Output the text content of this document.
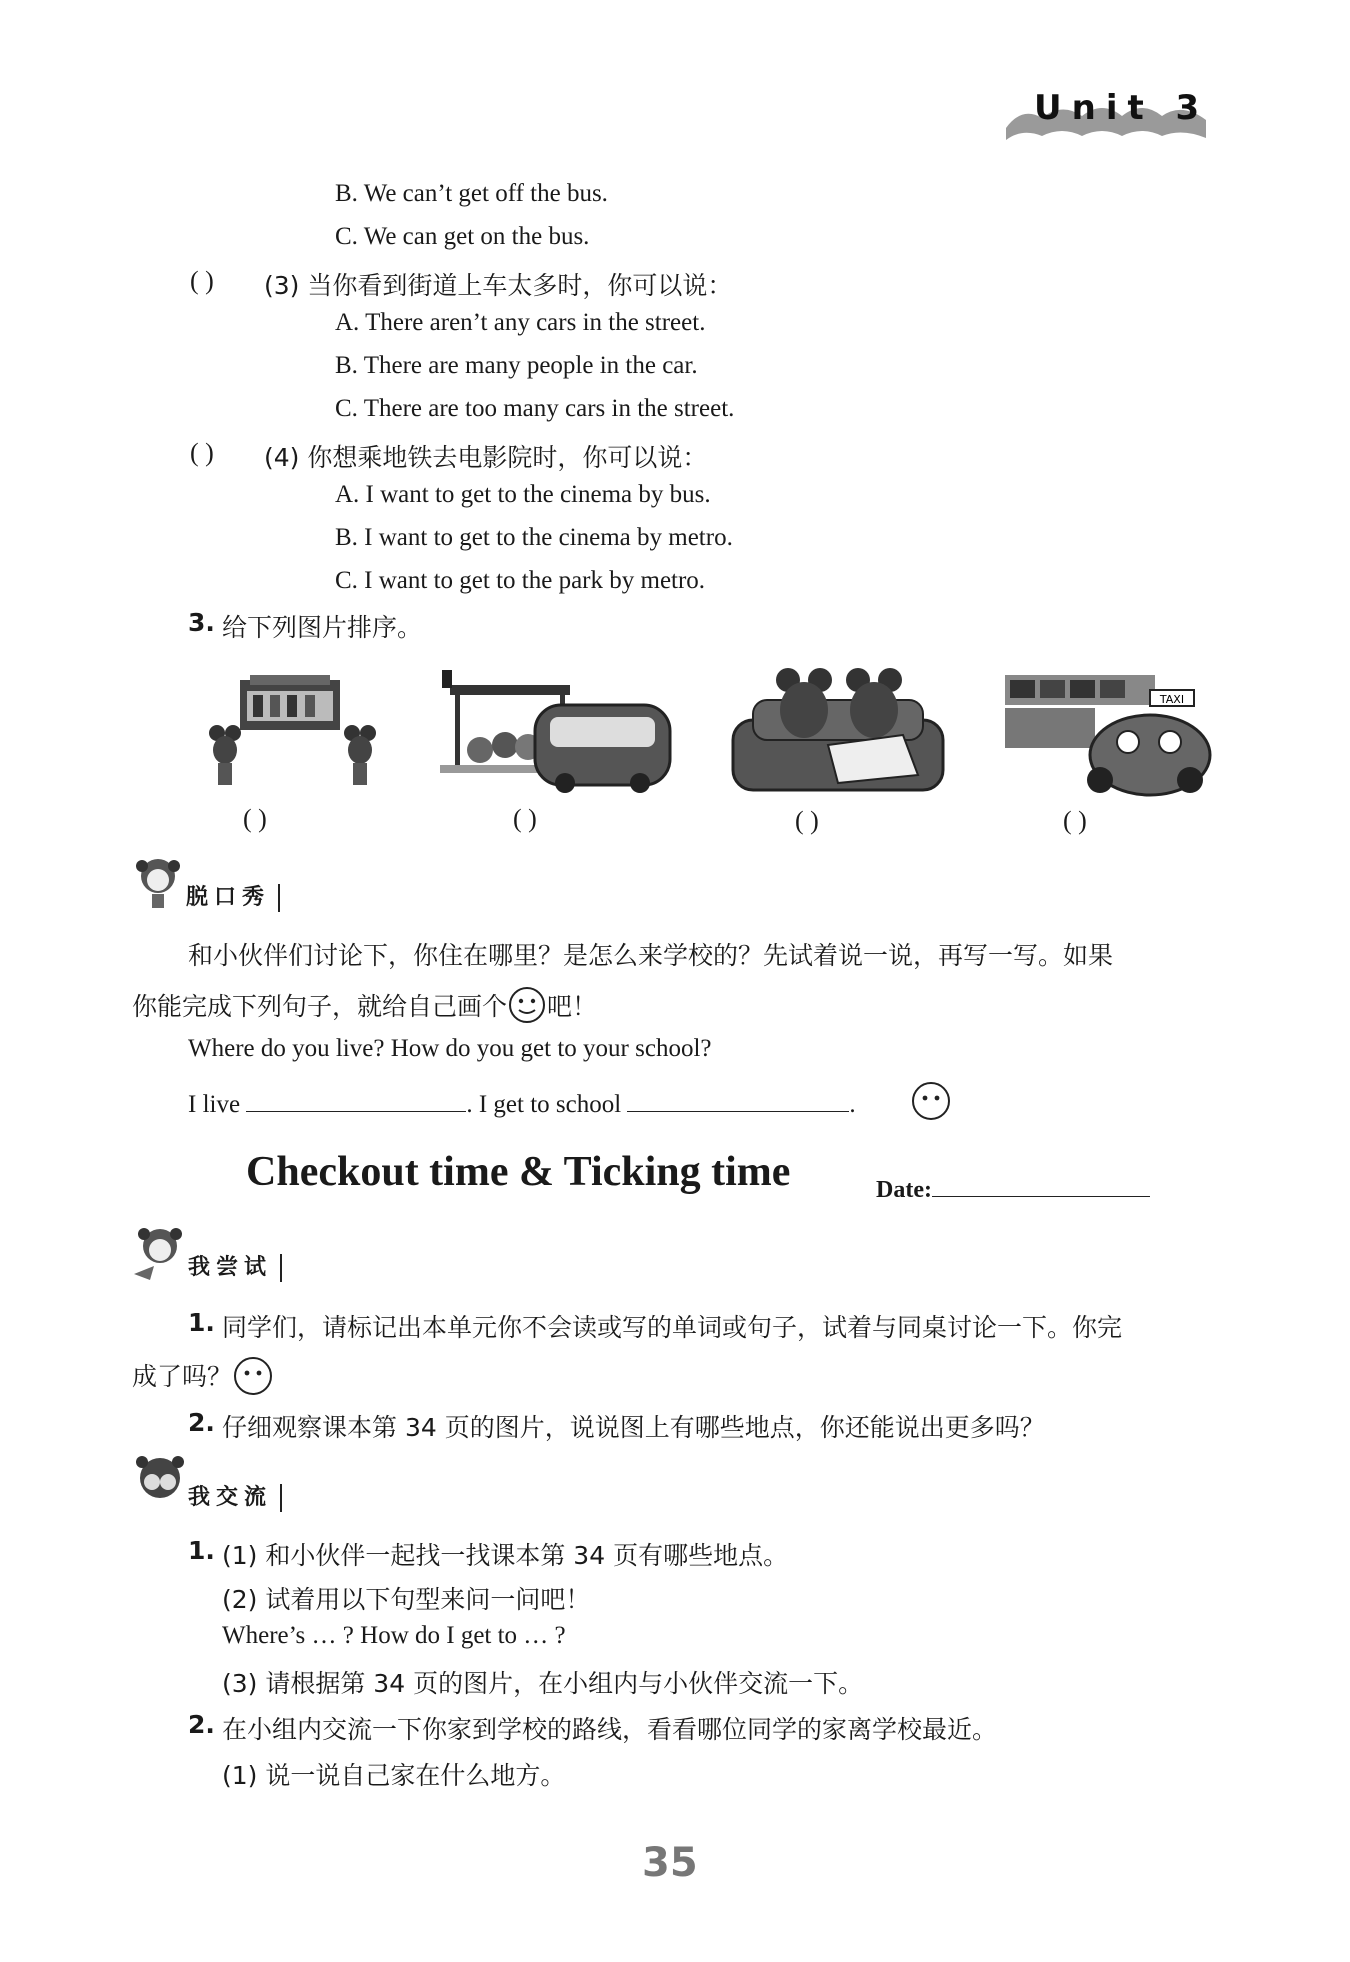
Unit 3
B. We can’t get off the bus.
C. We can get on the bus.
( ) (3) 当你看到街道上车太多时，你可以说：
A. There aren’t any cars in the street.
B. There are many people in the car.
C. There are too many cars in the street.
( ) (4) 你想乘地铁去电影院时，你可以说：
A. I want to get to the cinema by bus.
B. I want to get to the cinema by metro.
C. I want to get to the park by metro.
3. 给下列图片排序。
TAXI
( )	( )	( )	( )
脱口秀
和小伙伴们讨论下，你住在哪里？是怎么来学校的？先试着说一说，再写一写。如果
你能完成下列句子，就给自己画个 吧！
Where do you live? How do you get to your school?
I live	. I get to school	.
Checkout time & Ticking time	Date:
我尝试
1. 同学们，请标记出本单元你不会读或写的单词或句子，试着与同桌讨论一下。你完
成了吗？
2. 仔细观察课本第 34 页的图片，说说图上有哪些地点，你还能说出更多吗？
我交流
1. (1) 和小伙伴一起找一找课本第 34 页有哪些地点。
(2) 试着用以下句型来问一问吧！
Where’s … ? How do I get to … ?
(3) 请根据第 34 页的图片，在小组内与小伙伴交流一下。
2. 在小组内交流一下你家到学校的路线，看看哪位同学的家离学校最近。
(1) 说一说自己家在什么地方。
35
